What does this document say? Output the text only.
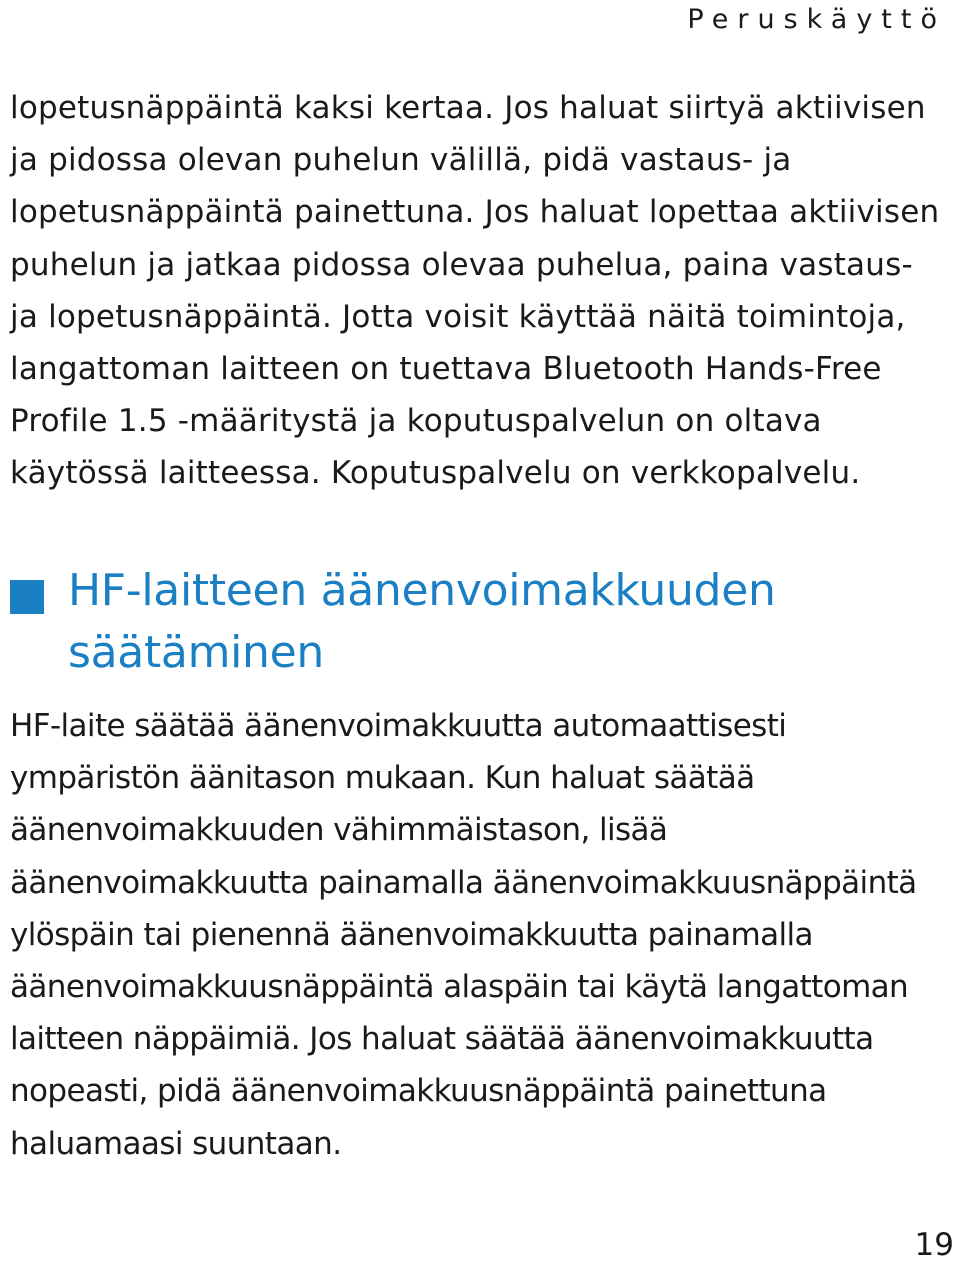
Peruskäyttö
lopetusnäppäintä kaksi kertaa. Jos haluat siirtyä aktiivisen
ja pidossa olevan puhelun välillä, pidä vastaus- ja
lopetusnäppäintä painettuna. Jos haluat lopettaa aktiivisen
puhelun ja jatkaa pidossa olevaa puhelua, paina vastaus-
ja lopetusnäppäintä. Jotta voisit käyttää näitä toimintoja,
langattoman laitteen on tuettava Bluetooth Hands-Free
Profile 1.5 -määritystä ja koputuspalvelun on oltava
käytössä laitteessa. Koputuspalvelu on verkkopalvelu.
HF-laitteen äänenvoimakkuuden
säätäminen
HF-laite säätää äänenvoimakkuutta automaattisesti
ympäristön äänitason mukaan. Kun haluat säätää
äänenvoimakkuuden vähimmäistason, lisää
äänenvoimakkuutta painamalla äänenvoimakkuusnäppäintä
ylöspäin tai pienennä äänenvoimakkuutta painamalla
äänenvoimakkuusnäppäintä alaspäin tai käytä langattoman
laitteen näppäimiä. Jos haluat säätää äänenvoimakkuutta
nopeasti, pidä äänenvoimakkuusnäppäintä painettuna
haluamaasi suuntaan.
19
